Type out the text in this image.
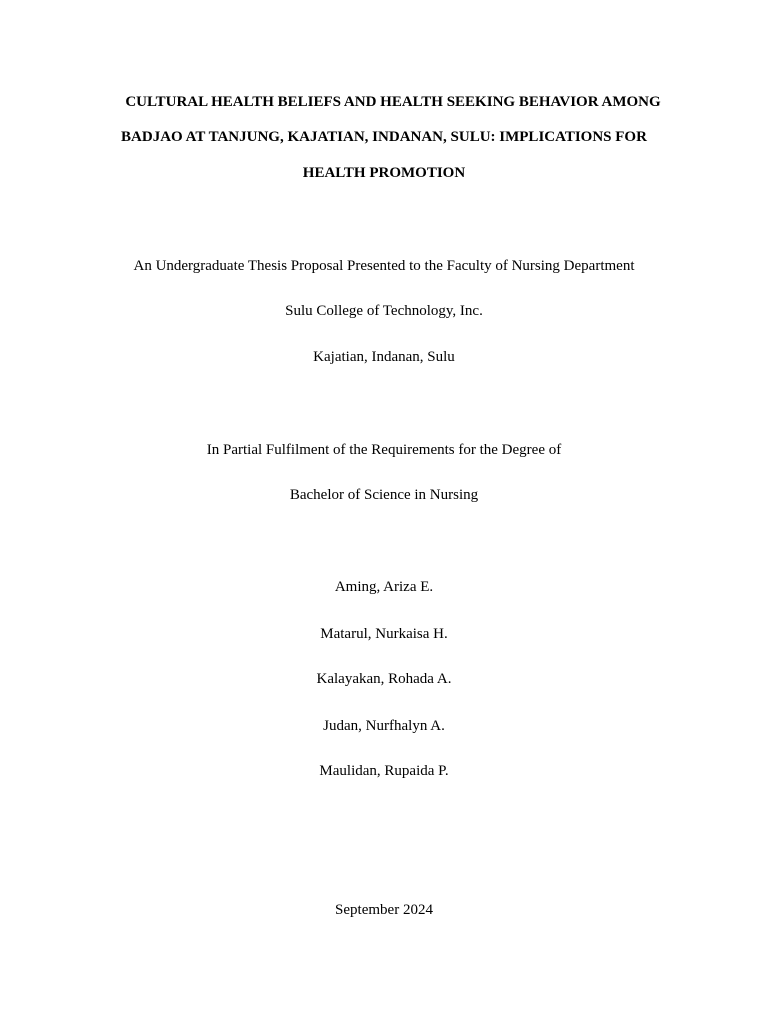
CULTURAL HEALTH BELIEFS AND HEALTH SEEKING BEHAVIOR AMONG
BADJAO AT TANJUNG, KAJATIAN, INDANAN, SULU: IMPLICATIONS FOR
HEALTH PROMOTION
An Undergraduate Thesis Proposal Presented to the Faculty of Nursing Department
Sulu College of Technology, Inc.
Kajatian, Indanan, Sulu
In Partial Fulfilment of the Requirements for the Degree of
Bachelor of Science in Nursing
Aming, Ariza E.
Matarul, Nurkaisa H.
Kalayakan, Rohada A.
Judan, Nurfhalyn A.
Maulidan, Rupaida P.
September 2024
